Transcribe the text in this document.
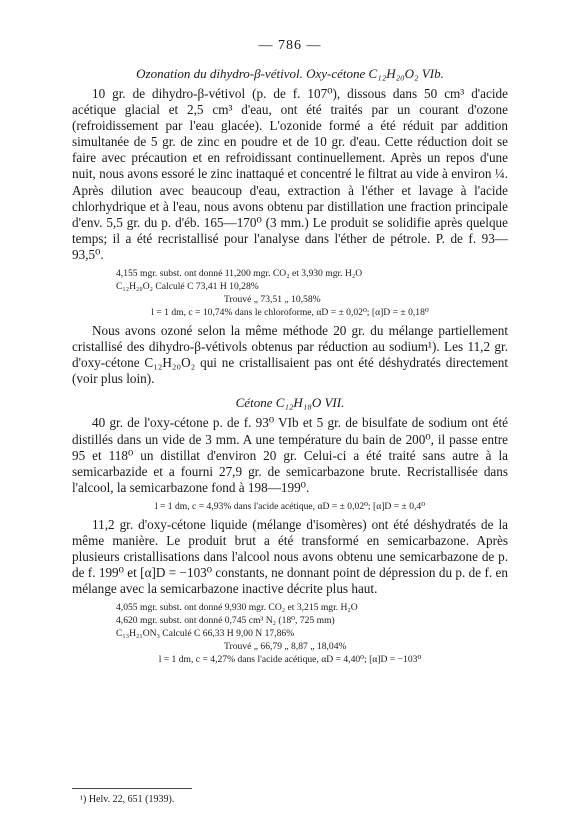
— 786 —
Ozonation du dihydro-β-vétivol. Oxy-cétone C₁₂H₂₀O₂ VIb.

10 gr. de dihydro-β-vétivol (p. de f. 107⁰), dissous dans 50 cm³ d'acide acétique glacial et 2,5 cm³ d'eau, ont été traités par un courant d'ozone (refroidissement par l'eau glacée). L'ozonide formé a été réduit par addition simultanée de 5 gr. de zinc en poudre et de 10 gr. d'eau. Cette réduction doit se faire avec précaution et en refroidissant continuellement. Après un repos d'une nuit, nous avons essoré le zinc inattaqué et concentré le filtrat au vide à environ ¼. Après dilution avec beaucoup d'eau, extraction à l'éther et lavage à l'acide chlorhydrique et à l'eau, nous avons obtenu par distillation une fraction principale d'env. 5,5 gr. du p. d'éb. 165—170⁰ (3 mm.) Le produit se solidifie après quelque temps; il a été recristallisé pour l'analyse dans l'éther de pétrole. P. de f. 93—93,5⁰.

4,155 mgr. subst. ont donné 11,200 mgr. CO₂ et 3,930 mgr. H₂O
C₁₂H₂₀O₂ Calculé C 73,41 H 10,28%
Trouvé „ 73,51 „ 10,58%
l = 1 dm, c = 10,74% dans le chloroforme, αD = ± 0,02⁰; [α]D = ± 0,18⁰

Nous avons ozoné selon la même méthode 20 gr. du mélange partiellement cristallisé des dihydro-β-vétivols obtenus par réduction au sodium¹). Les 11,2 gr. d'oxy-cétone C₁₂H₂₀O₂ qui ne cristallisaient pas ont été déshydratés directement (voir plus loin).

Cétone C₁₂H₁₈O VII.

40 gr. de l'oxy-cétone p. de f. 93⁰ VIb et 5 gr. de bisulfate de sodium ont été distillés dans un vide de 3 mm. A une température du bain de 200⁰, il passe entre 95 et 118⁰ un distillat d'environ 20 gr. Celui-ci a été traité sans autre à la semicarbazide et a fourni 27,9 gr. de semicarbazone brute. Recristallisée dans l'alcool, la semicarbazone fond à 198—199⁰.

l = 1 dm, c = 4,93% dans l'acide acétique, αD = ± 0,02⁰; [α]D = ± 0,4⁰

11,2 gr. d'oxy-cétone liquide (mélange d'isomères) ont été déshydratés de la même manière. Le produit brut a été transformé en semicarbazone. Après plusieurs cristallisations dans l'alcool nous avons obtenu une semicarbazone de p. de f. 199⁰ et [α]D = −103⁰ constants, ne donnant point de dépression du p. de f. en mélange avec la semicarbazone inactive décrite plus haut.

4,055 mgr. subst. ont donné 9,930 mgr. CO₂ et 3,215 mgr. H₂O
4,620 mgr. subst. ont donné 0,745 cm³ N₂ (18⁰, 725 mm)
C₁₃H₂₁ON₃ Calculé C 66,33 H 9,00 N 17,86%
Trouvé „ 66,79 „ 8,87 „ 18,04%
l = 1 dm, c = 4,27% dans l'acide acétique, αD = 4,40⁰; [α]D = −103⁰
¹) Helv. 22, 651 (1939).
